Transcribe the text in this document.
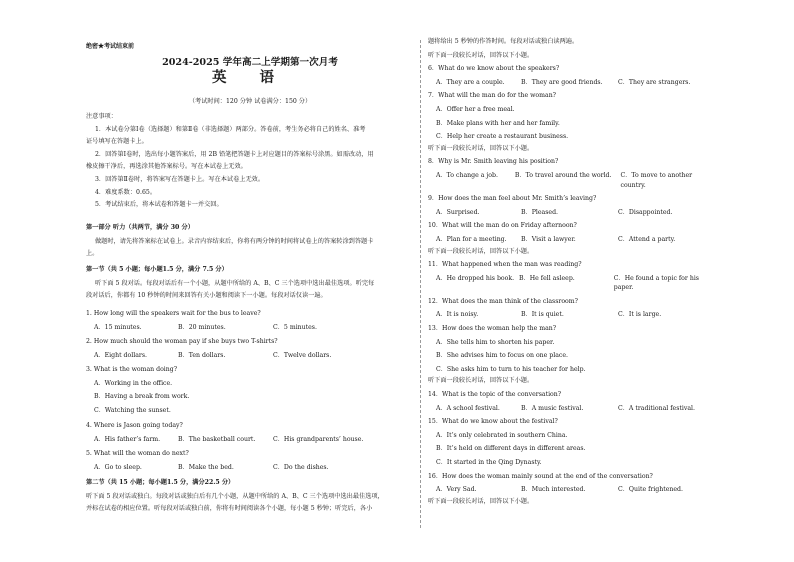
绝密★考试结束前
2024-2025 学年高二上学期第一次月考
英 语
（考试时间：120 分钟 试卷满分：150 分）
注意事项：
1．本试卷分第Ⅰ卷（选择题）和第Ⅱ卷（非选择题）两部分。答卷前，考生务必将自己的姓名、准考
证号填写在答题卡上。
2．回答第Ⅰ卷时，选出每小题答案后，用 2B 铅笔把答题卡上对应题目的答案标号涂黑。如需改动，用
橡皮擦干净后，再选涂其他答案标号。写在本试卷上无效。
3．回答第Ⅱ卷时，将答案写在答题卡上。写在本试卷上无效。
4．难度系数：0.65。
5．考试结束后，将本试卷和答题卡一并交回。
第一部分 听力（共两节，满分 30 分）
做题时，请先将答案标在试卷上。录音内容结束后，你将有两分钟的时间将试卷上的答案转涂到答题卡
上。
第一节（共 5 小题；每小题1.5 分，满分 7.5 分）
听下面 5 段对话。每段对话后有一个小题，从题中所给的 A、B、C 三个选项中选出最佳选项。听完每
段对话后，你都有 10 秒钟的时间来回答有关小题和阅读下一小题。每段对话仅读一遍。
1. How long will the speakers wait for the bus to leave?
A．15 minutes.	B．20 minutes.	C．5 minutes.
2. How much should the woman pay if she buys two T-shirts?
A．Eight dollars.	B．Ten dollars.	C．Twelve dollars.
3. What is the woman doing?
A．Working in the office.
B．Having a break from work.
C．Watching the sunset.
4. Where is Jason going today?
A．His father’s farm.	B．The basketball court.	C．His grandparents’ house.
5. What will the woman do next?
A．Go to sleep.	B．Make the bed.	C．Do the dishes.
第二节（共 15 小题；每小题1.5 分，满分22.5 分）
听下面 5 段对话或独白。每段对话或独白后有几个小题，从题中所给的 A、B、C 三个选项中选出最佳选项，
并标在试卷的相应位置。听每段对话或独白前，你将有时间阅读各个小题，每小题 5 秒钟；听完后，各小
题将给出 5 秒钟的作答时间。每段对话或独白读两遍。
听下面一段较长对话，回答以下小题。
6．What do we know about the speakers?
A．They are a couple.	B．They are good friends.	C．They are strangers.
7．What will the man do for the woman?
A．Offer her a free meal.
B．Make plans with her and her family.
C．Help her create a restaurant business.
听下面一段较长对话，回答以下小题。
8．Why is Mr. Smith leaving his position?
A．To change a job.	B．To travel around the world.	C．To move to another country.
9．How does the man feel about Mr. Smith’s leaving?
A．Surprised.	B．Pleased.	C．Disappointed.
10．What will the man do on Friday afternoon?
A．Plan for a meeting.	B．Visit a lawyer.	C．Attend a party.
听下面一段较长对话，回答以下小题。
11．What happened when the man was reading?
A．He dropped his book. B．He fell asleep.	C．He found a topic for his paper.
12．What does the man think of the classroom?
A．It is noisy.	B．It is quiet.	C．It is large.
13．How does the woman help the man?
A．She tells him to shorten his paper.
B．She advises him to focus on one place.
C．She asks him to turn to his teacher for help.
听下面一段较长对话，回答以下小题。
14．What is the topic of the conversation?
A．A school festival.	B．A music festival.	C．A traditional festival.
15．What do we know about the festival?
A．It’s only celebrated in southern China.
B．It’s held on different days in different areas.
C．It started in the Qing Dynasty.
16．How does the woman mainly sound at the end of the conversation?
A．Very Sad.	B．Much interested.	C．Quite frightened.
听下面一段较长对话，回答以下小题。
